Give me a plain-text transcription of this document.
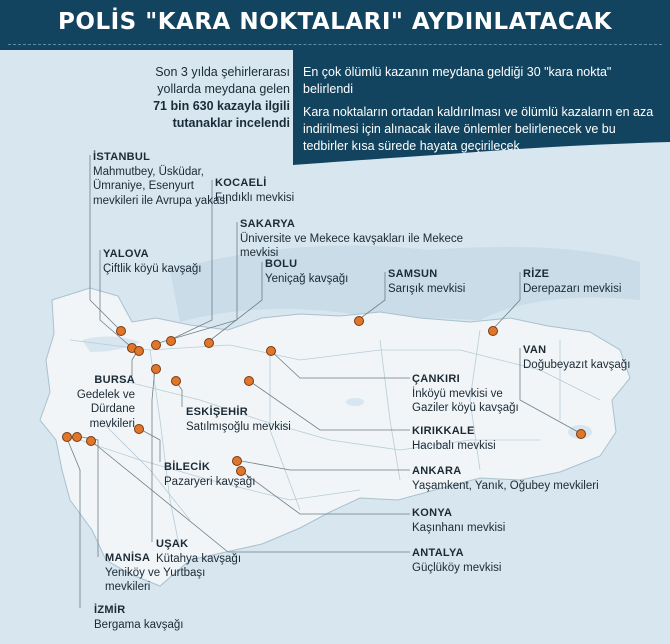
POLİS "KARA NOKTALARI" AYDINLATACAK
Son 3 yılda şehirlerarası
yollarda meydana gelen
71 bin 630 kazayla ilgili
tutanaklar incelendi

En çok ölümlü kazanın meydana geldiği 30 "kara nokta" belirlendi

Kara noktaların ortadan kaldırılması ve ölümlü kazaların en aza indirilmesi için alınacak ilave önlemler belirlenecek ve bu tedbirler kısa sürede hayata geçirilecek

İSTANBUL
Mahmutbey, Üsküdar, Ümraniye, Esenyurt mevkileri ile Avrupa yakası
KOCAELİ
Fındıklı mevkisi
SAKARYA
Üniversite ve Mekece kavşakları ile Mekece mevkisi
YALOVA
Çiftlik köyü kavşağı	BOLU
Yeniçağ kavşağı	SAMSUN
Sarışık mevkisi
RİZE
Derepazarı mevkisi
VAN
Doğubeyazıt kavşağı
BURSA
Gedelek ve Dürdane mevkileri
ESKİŞEHİR
Satılmışoğlu mevkisi
ÇANKIRI
İnköyü mevkisi ve Gaziler köyü kavşağı
KIRIKKALE
Hacıbalı mevkisi
BİLECİK
Pazaryeri kavşağı
ANKARA
Yaşamkent, Yanık, Oğubey mevkileri
KONYA
Kaşınhanı mevkisi
UŞAK
Kütahya kavşağı	ANTALYA
Güçlüköy mevkisi
MANİSA
Yeniköy ve Yurtbaşı mevkileri
İZMİR
Bergama kavşağı
